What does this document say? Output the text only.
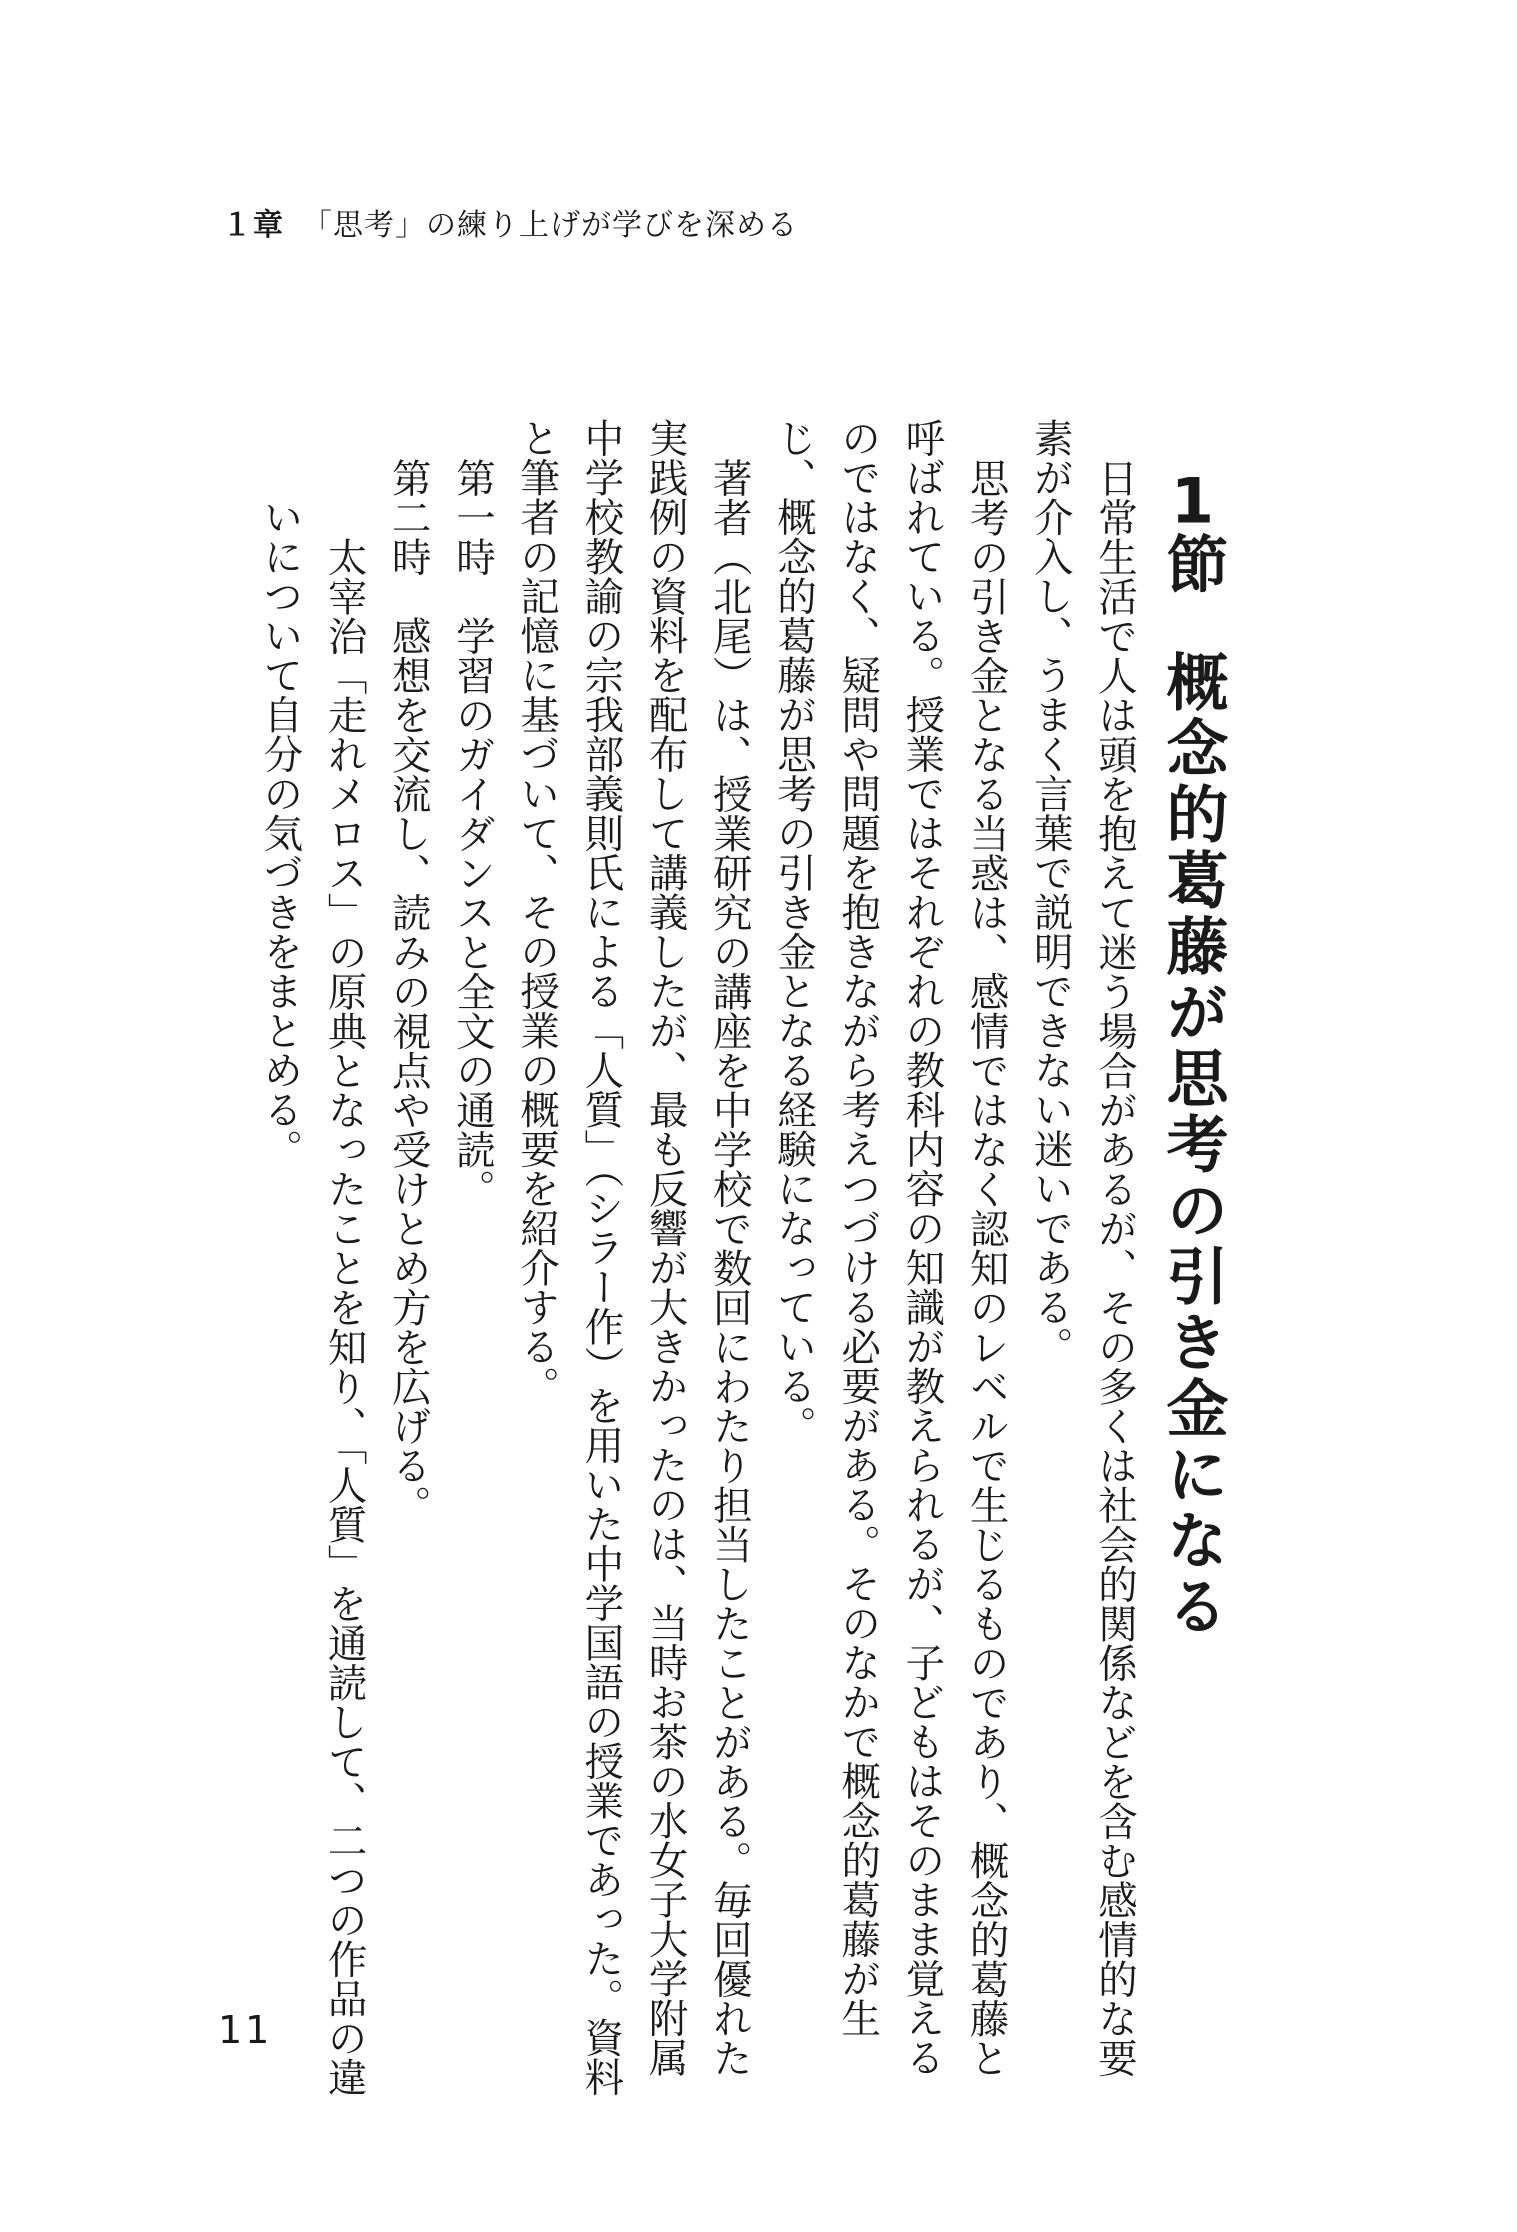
１章 「思考」の練り上げが学びを深める
1節概念的葛藤が思考の引き金になる

日常生活で人は頭を抱えて迷う場合があるが、その多くは社会的関係などを含む感情的な要素が介入し、うまく言葉で説明できない迷いである。

思考の引き金となる当惑は、感情ではなく認知のレベルで生じるものであり、概念的葛藤と呼ばれている。授業ではそれぞれの教科内容の知識が教えられるが、子どもはそのまま覚えるのではなく、疑問や問題を抱きながら考えつづける必要がある。そのなかで概念的葛藤が生じ、概念的葛藤が思考の引き金となる経験になっている。

著者（北尾）は、授業研究の講座を中学校で数回にわたり担当したことがある。毎回優れた実践例の資料を配布して講義したが、最も反響が大きかったのは、当時お茶の水女子大学附属中学校教諭の宗我部義則氏による「人質」（シラー作）を用いた中学国語の授業であった。資料と筆者の記憶に基づいて、その授業の概要を紹介する。

第一時　学習のガイダンスと全文の通読。

第二時　感想を交流し、読みの視点や受けとめ方を広げる。

太宰治「走れメロス」の原典となったことを知り、「人質」を通読して、二つの作品の違いについて自分の気づきをまとめる。

11
